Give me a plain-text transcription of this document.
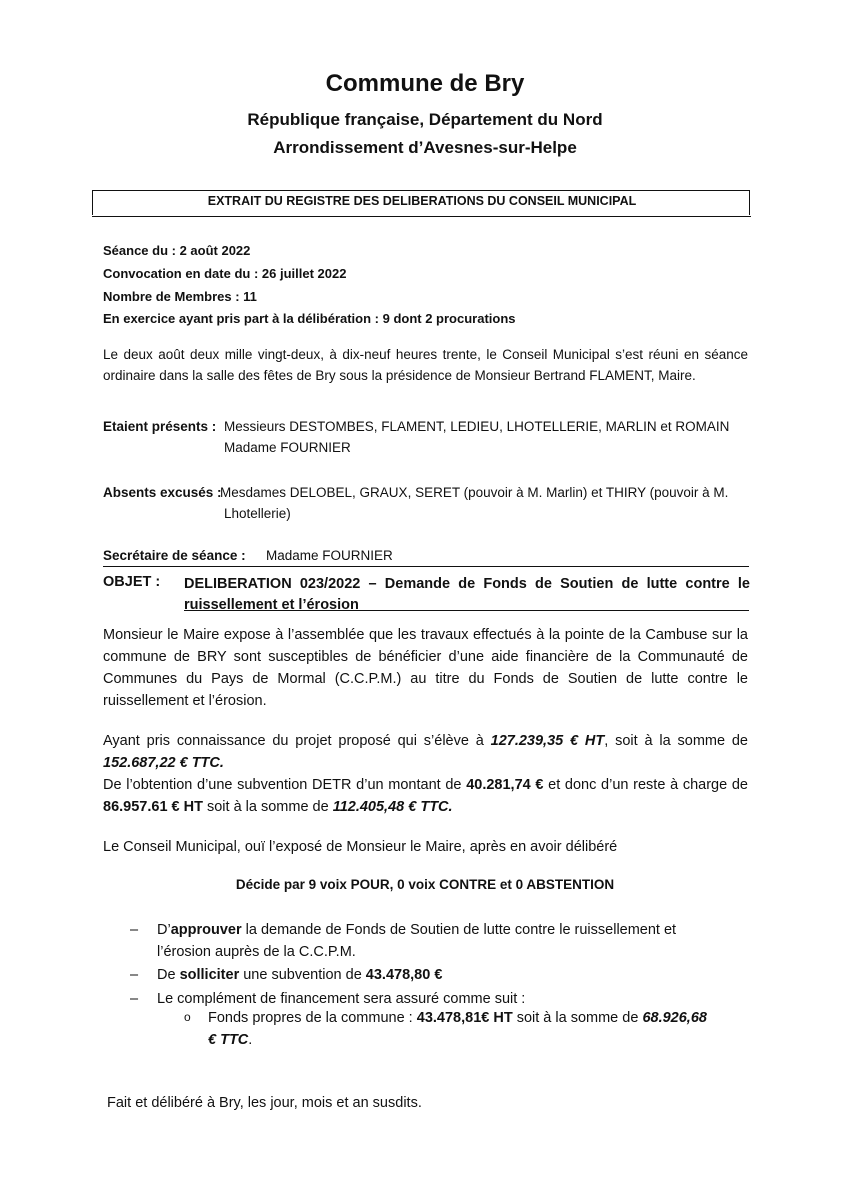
Commune de Bry
République française, Département du Nord
Arrondissement d’Avesnes-sur-Helpe
EXTRAIT DU REGISTRE DES DELIBERATIONS DU CONSEIL MUNICIPAL
Séance du : 2 août 2022
Convocation en date du : 26 juillet 2022
Nombre de Membres : 11
En exercice ayant pris part à la délibération : 9 dont 2 procurations
Le deux août deux mille vingt-deux, à dix-neuf heures trente, le Conseil Municipal s’est réuni en séance ordinaire dans la salle des fêtes de Bry sous la présidence de Monsieur Bertrand FLAMENT, Maire.
Etaient présents : Messieurs DESTOMBES, FLAMENT, LEDIEU, LHOTELLERIE, MARLIN et ROMAIN
Madame FOURNIER
Absents excusés :
Mesdames DELOBEL, GRAUX, SERET (pouvoir à M. Marlin) et THIRY (pouvoir à M.
Lhotellerie)
Secrétaire de séance : Madame FOURNIER
OBJET : DELIBERATION 023/2022 – Demande de Fonds de Soutien de lutte contre le ruissellement et l’érosion
Monsieur le Maire expose à l’assemblée que les travaux effectués à la pointe de la Cambuse sur la commune de BRY sont susceptibles de bénéficier d’une aide financière de la Communauté de Communes du Pays de Mormal (C.C.P.M.) au titre du Fonds de Soutien de lutte contre le ruissellement et l’érosion.
Ayant pris connaissance du projet proposé qui s’élève à 127.239,35 € HT, soit à la somme de 152.687,22 € TTC.
De l’obtention d’une subvention DETR d’un montant de 40.281,74 € et donc d’un reste à charge de 86.957.61 € HT soit à la somme de 112.405,48 € TTC.
Le Conseil Municipal, ouï l’exposé de Monsieur le Maire, après en avoir délibéré
Décide par 9 voix POUR, 0 voix CONTRE et 0 ABSTENTION
– D’approuver la demande de Fonds de Soutien de lutte contre le ruissellement et
l’érosion auprès de la C.C.P.M.
– De solliciter une subvention de 43.478,80 €
– Le complément de financement sera assuré comme suit :
o Fonds propres de la commune : 43.478,81€ HT soit à la somme de 68.926,68
€ TTC.
Fait et délibéré à Bry, les jour, mois et an susdits.
